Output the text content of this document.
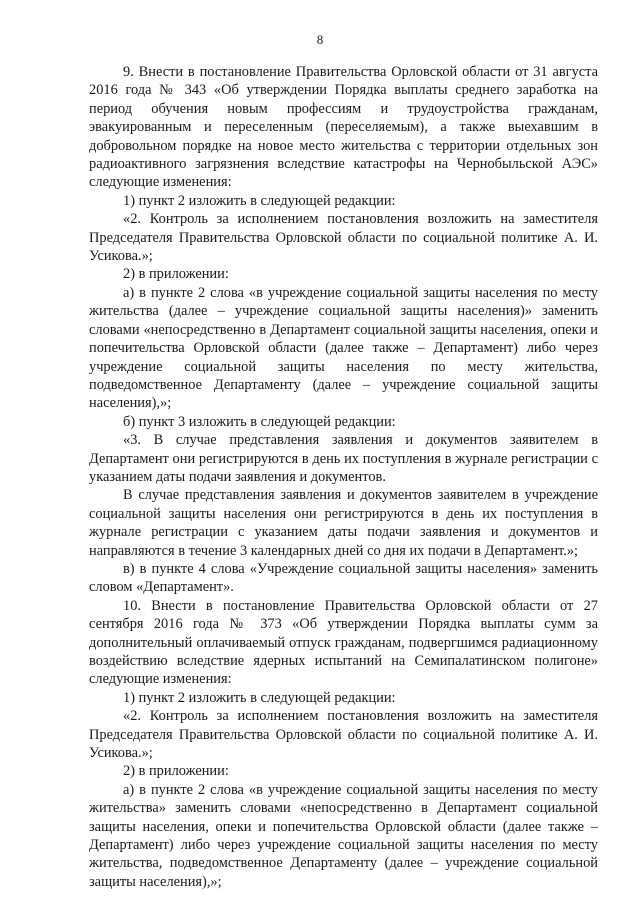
8

9. Внести в постановление Правительства Орловской области от 31 августа 2016 года № 343 «Об утверждении Порядка выплаты среднего заработка на период обучения новым профессиям и трудоустройства гражданам, эвакуированным и переселенным (переселяемым), а также выехавшим в добровольном порядке на новое место жительства с территории отдельных зон радиоактивного загрязнения вследствие катастрофы на Чернобыльской АЭС» следующие изменения:

1) пункт 2 изложить в следующей редакции:

«2. Контроль за исполнением постановления возложить на заместителя Председателя Правительства Орловской области по социальной политике А. И. Усикова.»;

2) в приложении:

а) в пункте 2 слова «в учреждение социальной защиты населения по месту жительства (далее – учреждение социальной защиты населения)» заменить словами «непосредственно в Департамент социальной защиты населения, опеки и попечительства Орловской области (далее также – Департамент) либо через учреждение социальной защиты населения по месту жительства, подведомственное Департаменту (далее – учреждение социальной защиты населения),»;

б) пункт 3 изложить в следующей редакции:

«3. В случае представления заявления и документов заявителем в Департамент они регистрируются в день их поступления в журнале регистрации с указанием даты подачи заявления и документов.

В случае представления заявления и документов заявителем в учреждение социальной защиты населения они регистрируются в день их поступления в журнале регистрации с указанием даты подачи заявления и документов и направляются в течение 3 календарных дней со дня их подачи в Департамент.»;

в) в пункте 4 слова «Учреждение социальной защиты населения» заменить словом «Департамент».

10. Внести в постановление Правительства Орловской области от 27 сентября 2016 года № 373 «Об утверждении Порядка выплаты сумм за дополнительный оплачиваемый отпуск гражданам, подвергшимся радиационному воздействию вследствие ядерных испытаний на Семипалатинском полигоне» следующие изменения:

1) пункт 2 изложить в следующей редакции:

«2. Контроль за исполнением постановления возложить на заместителя Председателя Правительства Орловской области по социальной политике А. И. Усикова.»;

2) в приложении:

а) в пункте 2 слова «в учреждение социальной защиты населения по месту жительства» заменить словами «непосредственно в Департамент социальной защиты населения, опеки и попечительства Орловской области (далее также – Департамент) либо через учреждение социальной защиты населения по месту жительства, подведомственное Департаменту (далее – учреждение социальной защиты населения),»;
